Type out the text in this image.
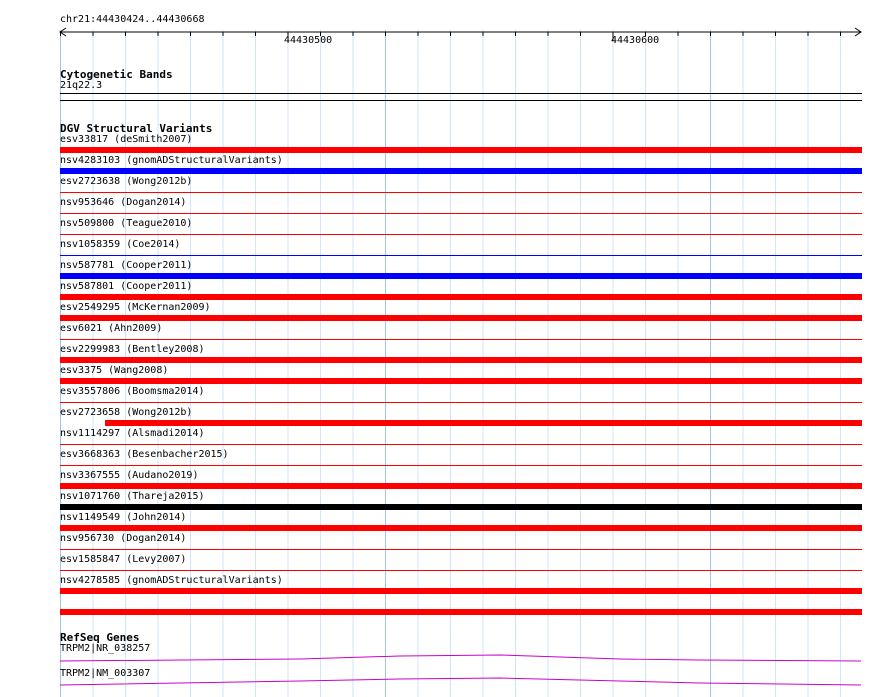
chr21:44430424..44430668
44430500	44430600
Cytogenetic Bands
21q22.3
DGV Structural Variants
esv33817 (deSmith2007)
nsv4283103 (gnomADStructuralVariants)
esv2723638 (Wong2012b)
nsv953646 (Dogan2014)
nsv509800 (Teague2010)
nsv1058359 (Coe2014)
nsv587781 (Cooper2011)
nsv587801 (Cooper2011)
esv2549295 (McKernan2009)
esv6021 (Ahn2009)
esv2299983 (Bentley2008)
esv3375 (Wang2008)
esv3557806 (Boomsma2014)
esv2723658 (Wong2012b)
nsv1114297 (Alsmadi2014)
esv3668363 (Besenbacher2015)
nsv3367555 (Audano2019)
nsv1071760 (Thareja2015)
nsv1149549 (John2014)
nsv956730 (Dogan2014)
esv1585847 (Levy2007)
nsv4278585 (gnomADStructuralVariants)
RefSeq Genes
TRPM2|NR_038257
TRPM2|NM_003307
